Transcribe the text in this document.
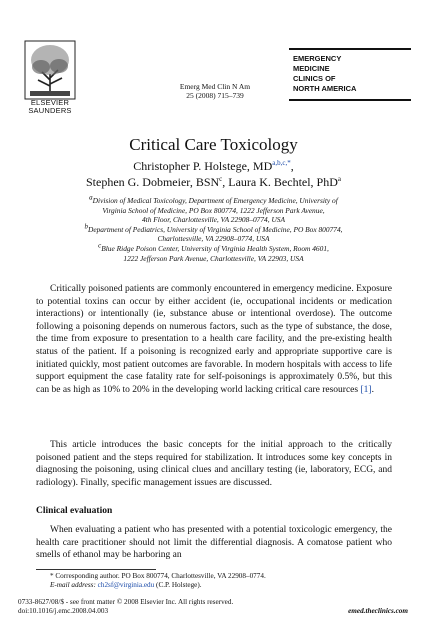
ELSEVIER SAUNDERS
Emerg Med Clin N Am
25 (2008) 715–739
EMERGENCY
MEDICINE
CLINICS OF
NORTH AMERICA
Critical Care Toxicology
Christopher P. Holstege, MD$^{a,b,c,*}$,
Stephen G. Dobmeier, BSN$^c$, Laura K. Bechtel, PhD$^a$
$^a$Division of Medical Toxicology, Department of Emergency Medicine, University of
Virginia School of Medicine, PO Box 800774, 1222 Jefferson Park Avenue,
4th Floor, Charlottesville, VA 22908–0774, USA
$^b$Department of Pediatrics, University of Virginia School of Medicine, PO Box 800774,
Charlottesville, VA 22908–0774, USA
$^c$Blue Ridge Poison Center, University of Virginia Health System, Room 4601,
1222 Jefferson Park Avenue, Charlottesville, VA 22903, USA

Critically poisoned patients are commonly encountered in emergency medicine. Exposure to potential toxins can occur by either accident (ie, occupational incidents or medication interactions) or intentionally (ie, substance abuse or intentional overdose). The outcome following a poisoning depends on numerous factors, such as the type of substance, the dose, the time from exposure to presentation to a health care facility, and the pre-existing health status of the patient. If a poisoning is recognized early and appropriate supportive care is initiated quickly, most patient outcomes are favorable. In modern hospitals with access to life support equipment the case fatality rate for self-poisonings is approximately 0.5%, but this can be as high as 10% to 20% in the developing world lacking critical care resources [1].

This article introduces the basic concepts for the initial approach to the critically poisoned patient and the steps required for stabilization. It introduces some key concepts in diagnosing the poisoning, using clinical clues and ancillary testing (ie, laboratory, ECG, and radiology). Finally, specific management issues are discussed.

Clinical evaluation

When evaluating a patient who has presented with a potential toxicologic emergency, the health care practitioner should not limit the differential diagnosis. A comatose patient who smells of ethanol may be harboring an

* Corresponding author. PO Box 800774, Charlottesville, VA 22908–0774.
E-mail address: ch2sf@virginia.edu (C.P. Holstege).
0733-8627/08/$ - see front matter © 2008 Elsevier Inc. All rights reserved.
doi:10.1016/j.emc.2008.04.003	emed.theclinics.com
